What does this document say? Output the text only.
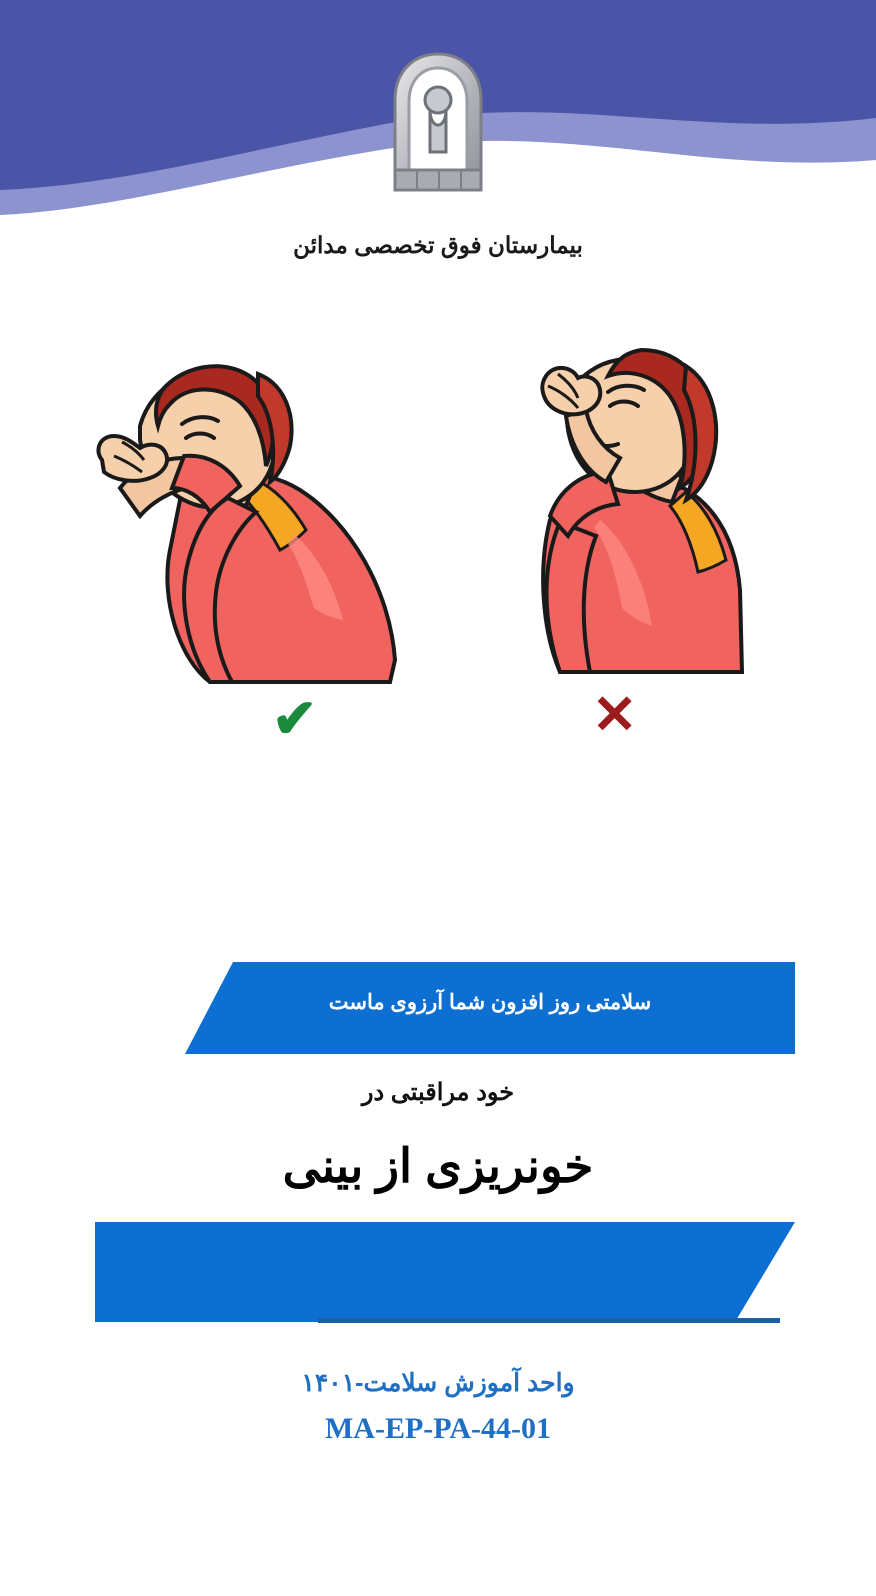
بیمارستان فوق تخصصی مدائن
✔	✕
سلامتی روز افزون شما آرزوی ماست
خود مراقبتی در
خونریزی از بینی
واحد آموزش سلامت-۱۴۰۱
MA-EP-PA-44-01
